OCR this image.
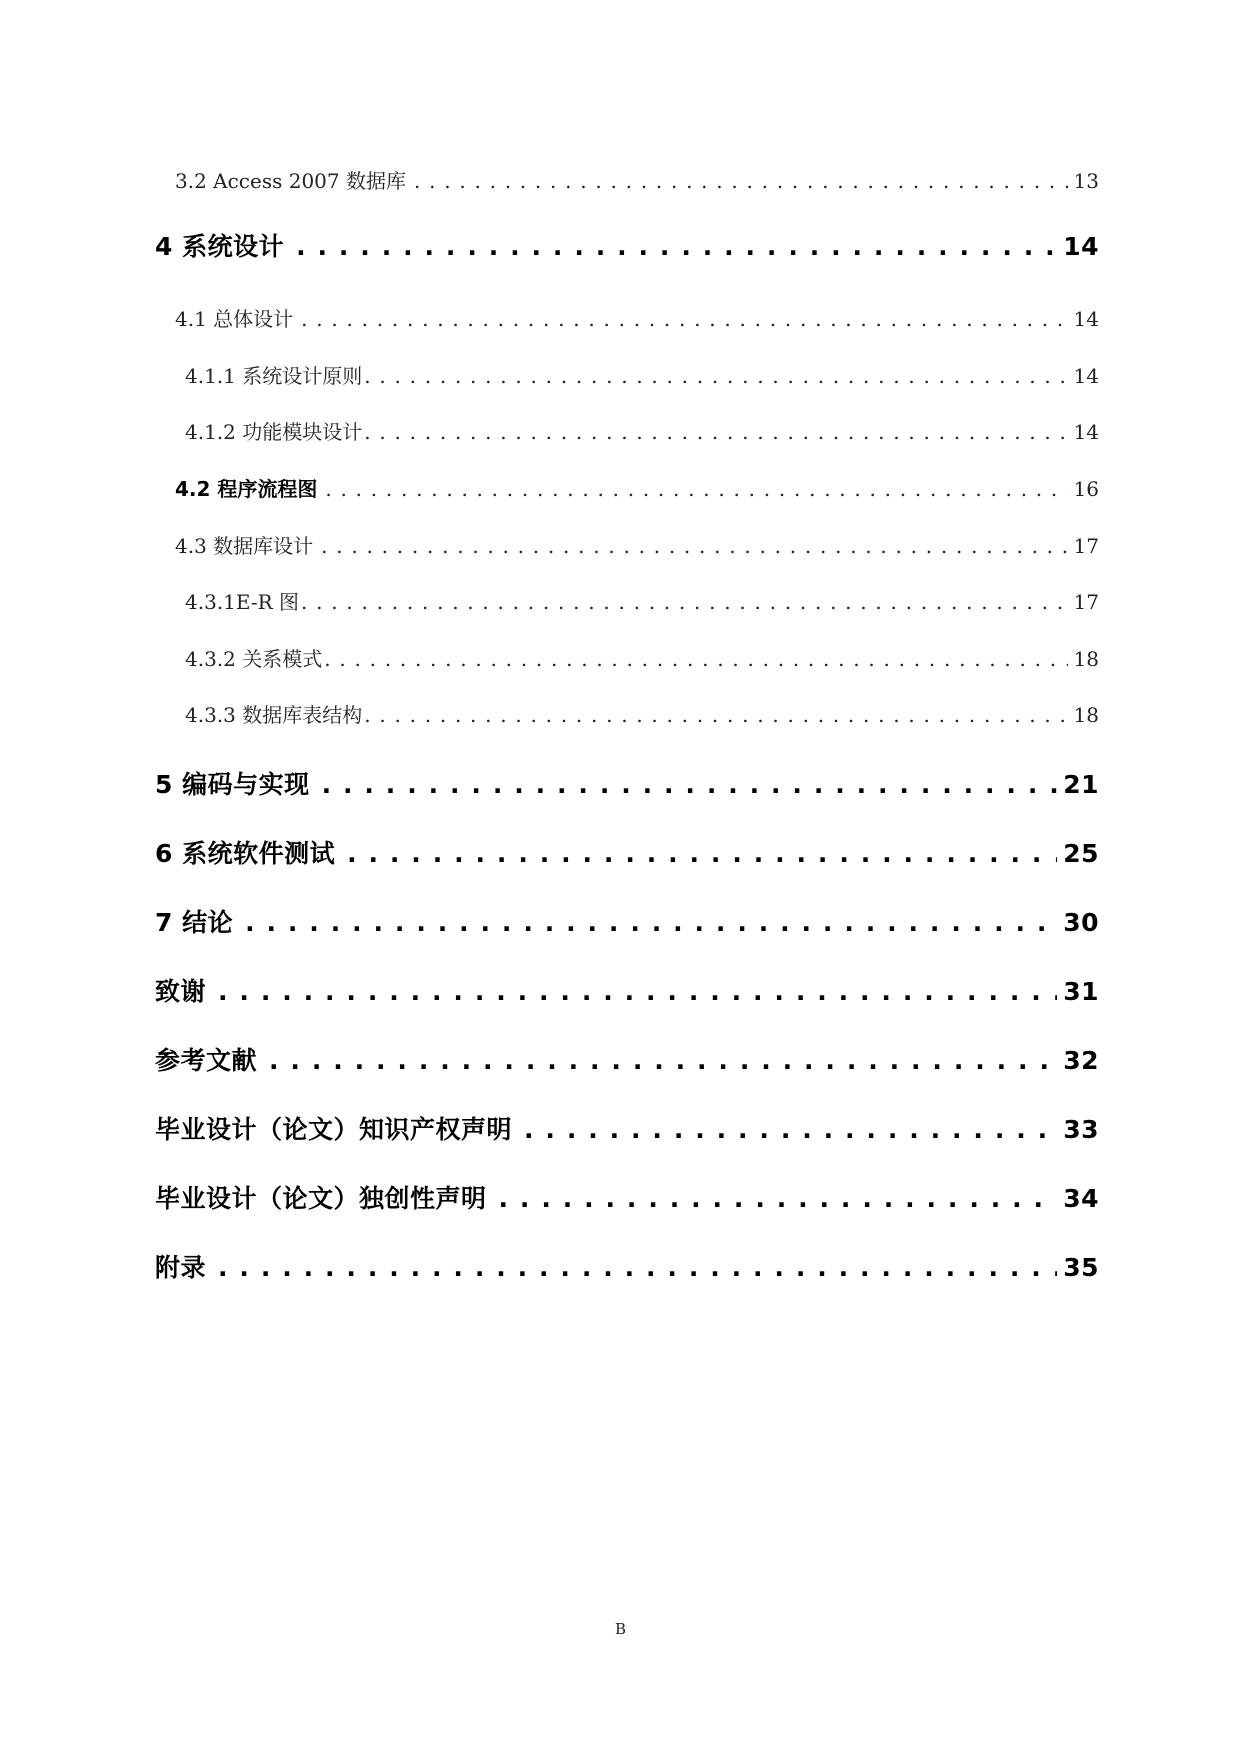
3.2 Access 2007 数据库 . . .	13
4 系统设计 . . .	14
4.1 总体设计 . . .	14
4.1.1 系统设计原则 . . .	14
4.1.2 功能模块设计 . . .	14
4.2 程序流程图 . . .	16
4.3 数据库设计 . . .	17
4.3.1E-R 图 . . .	17
4.3.2 关系模式 . . .	18
4.3.3 数据库表结构 . . .	18
5 编码与实现 . . .	21
6 系统软件测试 . . .	25
7 结论 . . .	30
致谢 . . .	31
参考文献 . . .	32
毕业设计（论文）知识产权声明 . . .	33
毕业设计（论文）独创性声明 . . .	34
附录 . . .	35
B
